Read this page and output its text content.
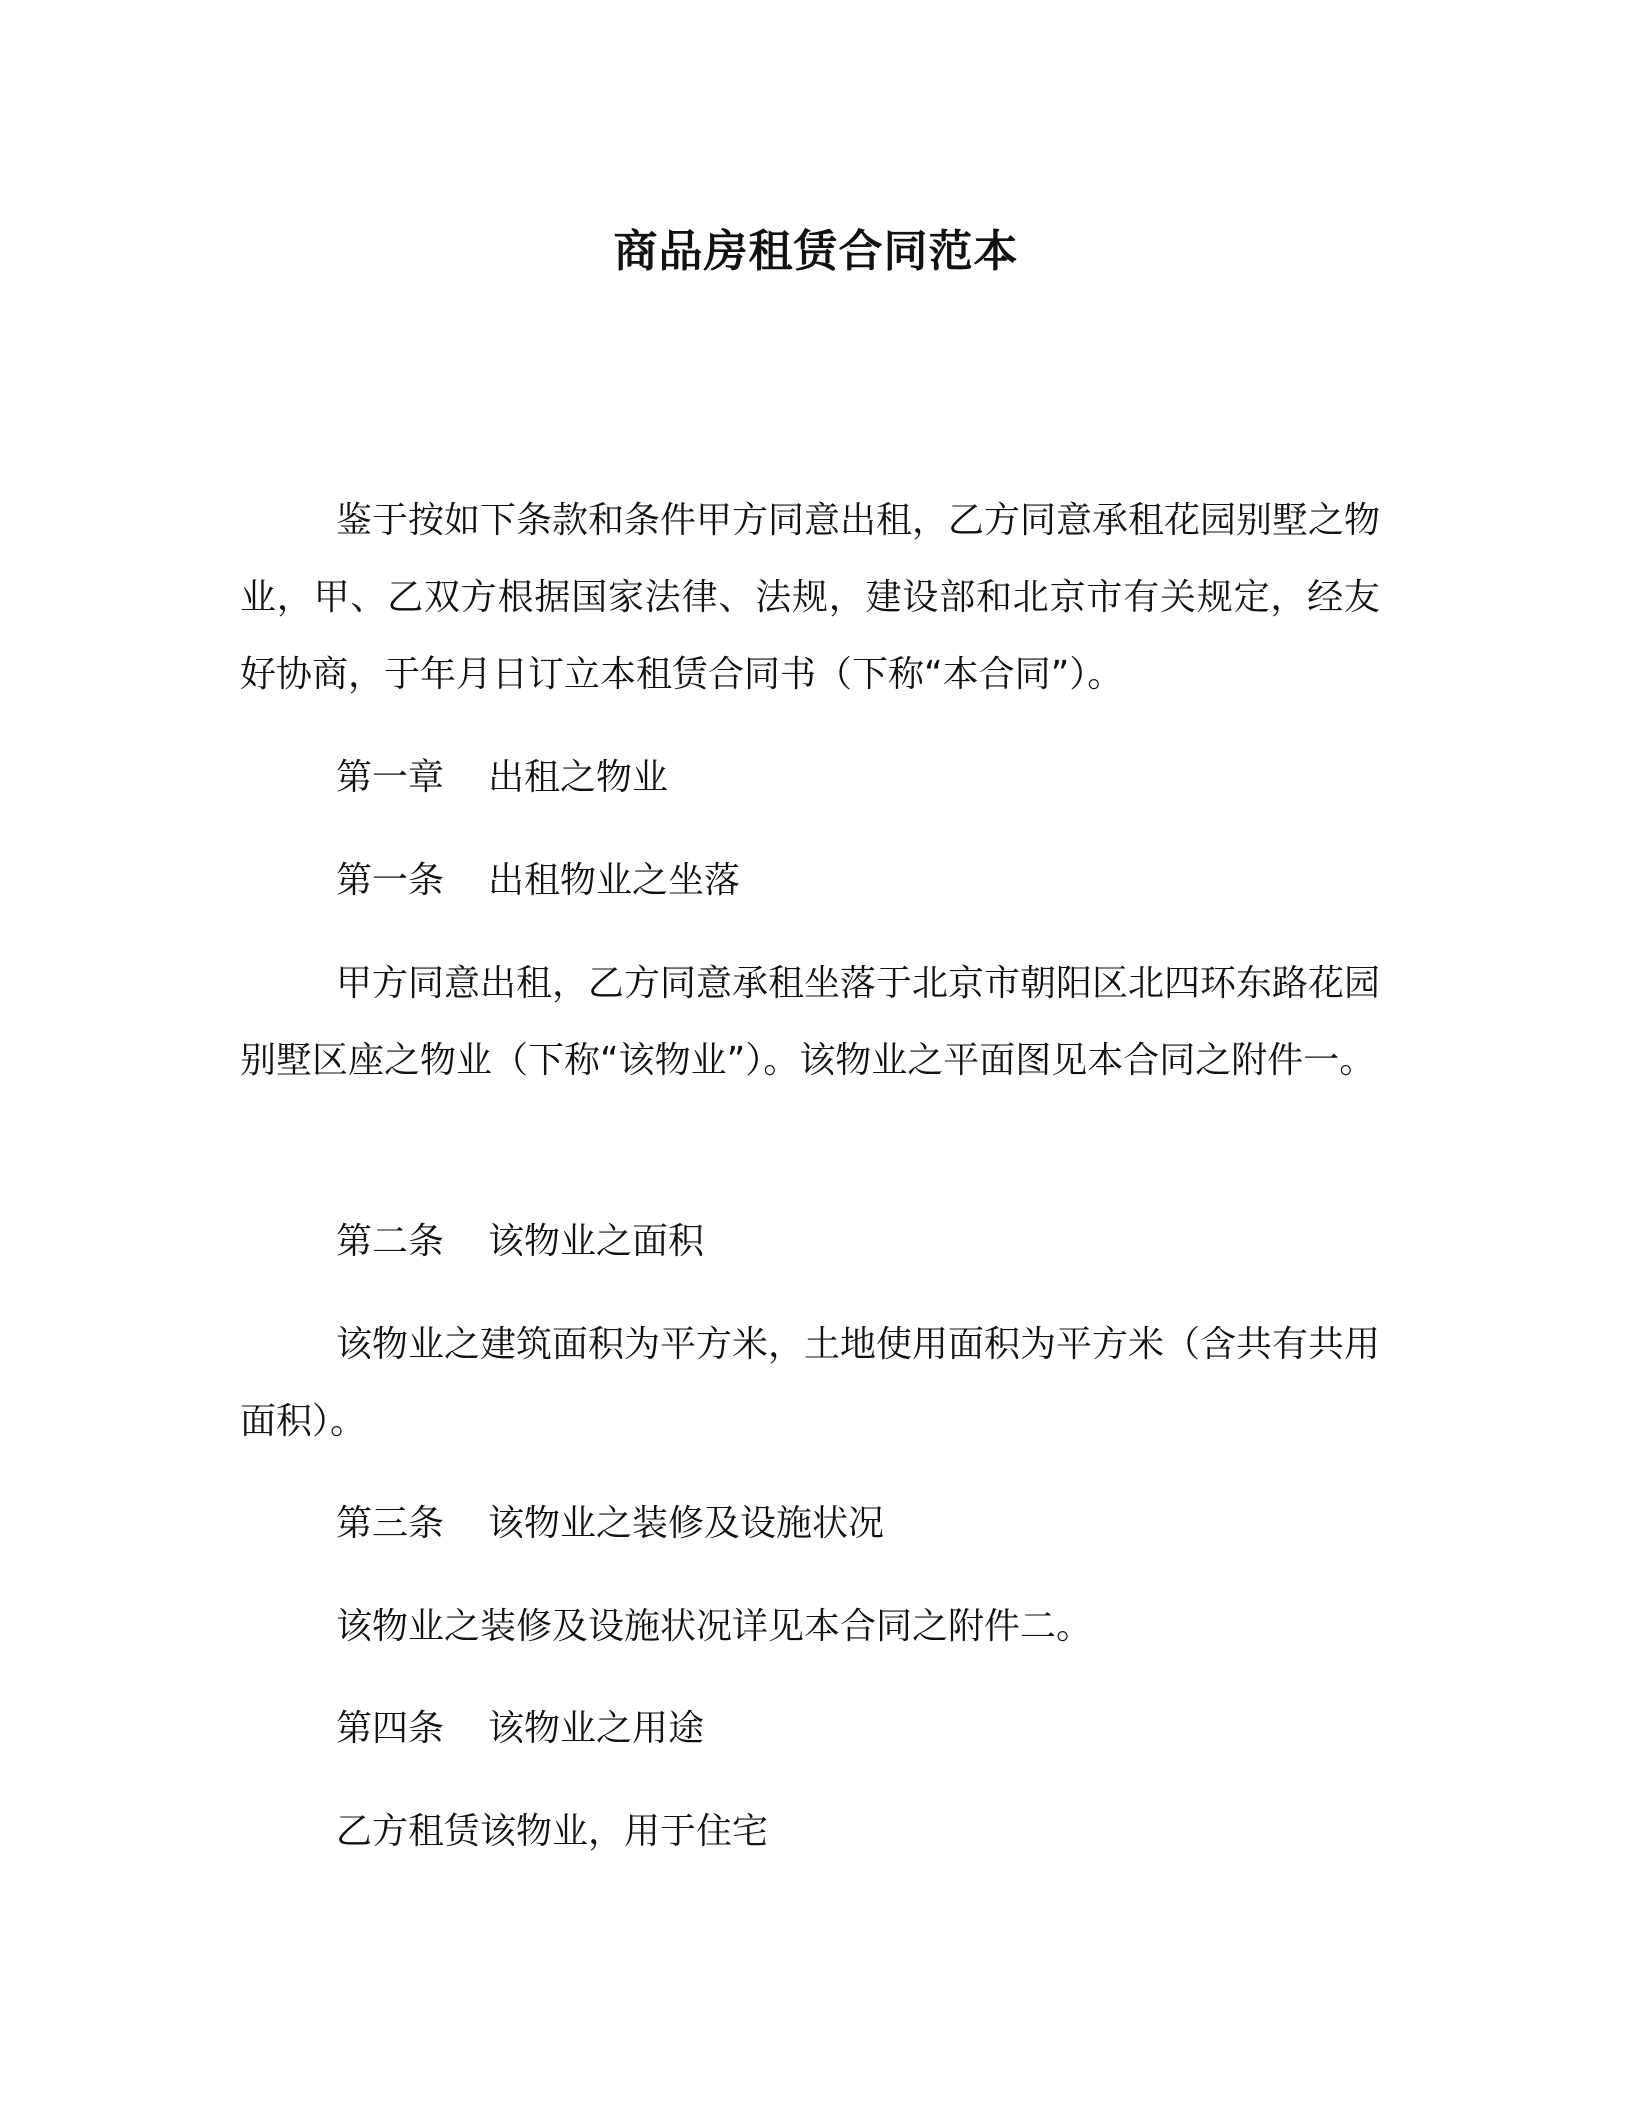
商品房租赁合同范本
鉴于按如下条款和条件甲方同意出租，乙方同意承租花园别墅之物业，甲、乙双方根据国家法律、法规，建设部和北京市有关规定，经友好协商，于年月日订立本租赁合同书（下称“本合同”）。
第一章 出租之物业
第一条 出租物业之坐落
甲方同意出租，乙方同意承租坐落于北京市朝阳区北四环东路花园别墅区座之物业（下称“该物业”）。该物业之平面图见本合同之附件一。
第二条 该物业之面积
该物业之建筑面积为平方米，土地使用面积为平方米（含共有共用面积）。
第三条 该物业之装修及设施状况
该物业之装修及设施状况详见本合同之附件二。
第四条 该物业之用途
乙方租赁该物业，用于住宅
